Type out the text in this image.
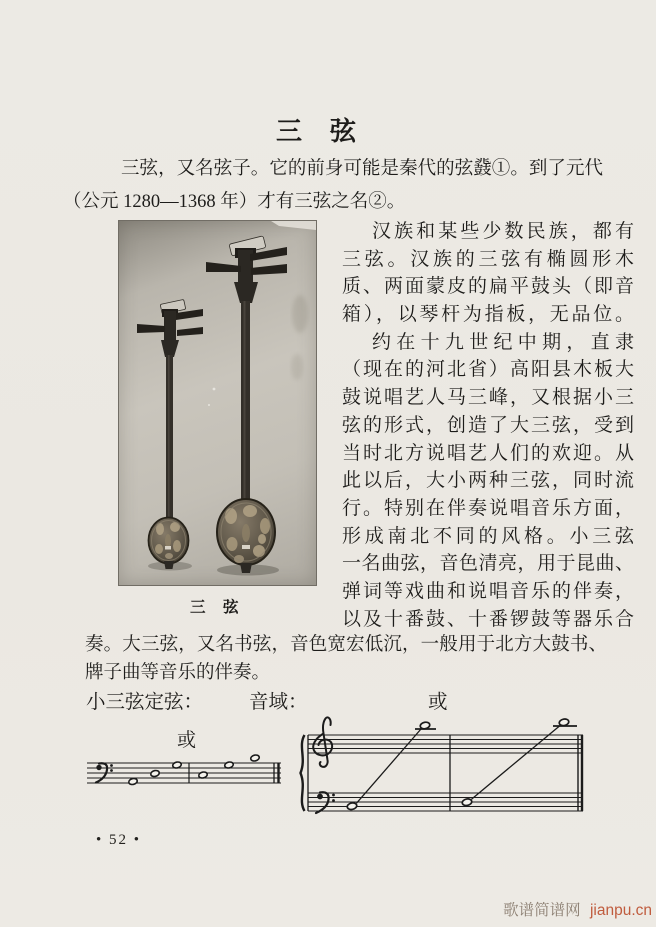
三　弦
三弦，又名弦子。它的前身可能是秦代的弦鼗①。到了元代
（公元 1280—1368 年）才有三弦之名②。
三　弦
汉族和某些少数民族，都有
三弦。汉族的三弦有椭圆形木
质、两面蒙皮的扁平鼓头（即音
箱），以琴杆为指板，无品位。
约在十九世纪中期，直隶
（现在的河北省）高阳县木板大
鼓说唱艺人马三峰，又根据小三
弦的形式，创造了大三弦，受到
当时北方说唱艺人们的欢迎。从
此以后，大小两种三弦，同时流
行。特别在伴奏说唱音乐方面，
形成南北不同的风格。小三弦
一名曲弦，音色清亮，用于昆曲、
弹词等戏曲和说唱音乐的伴奏，
以及十番鼓、十番锣鼓等器乐合
奏。大三弦，又名书弦，音色宽宏低沉，一般用于北方大鼓书、
牌子曲等音乐的伴奏。
小三弦定弦： 音域：	或
或
• 52 •
歌谱简谱网 jianpu.cn
